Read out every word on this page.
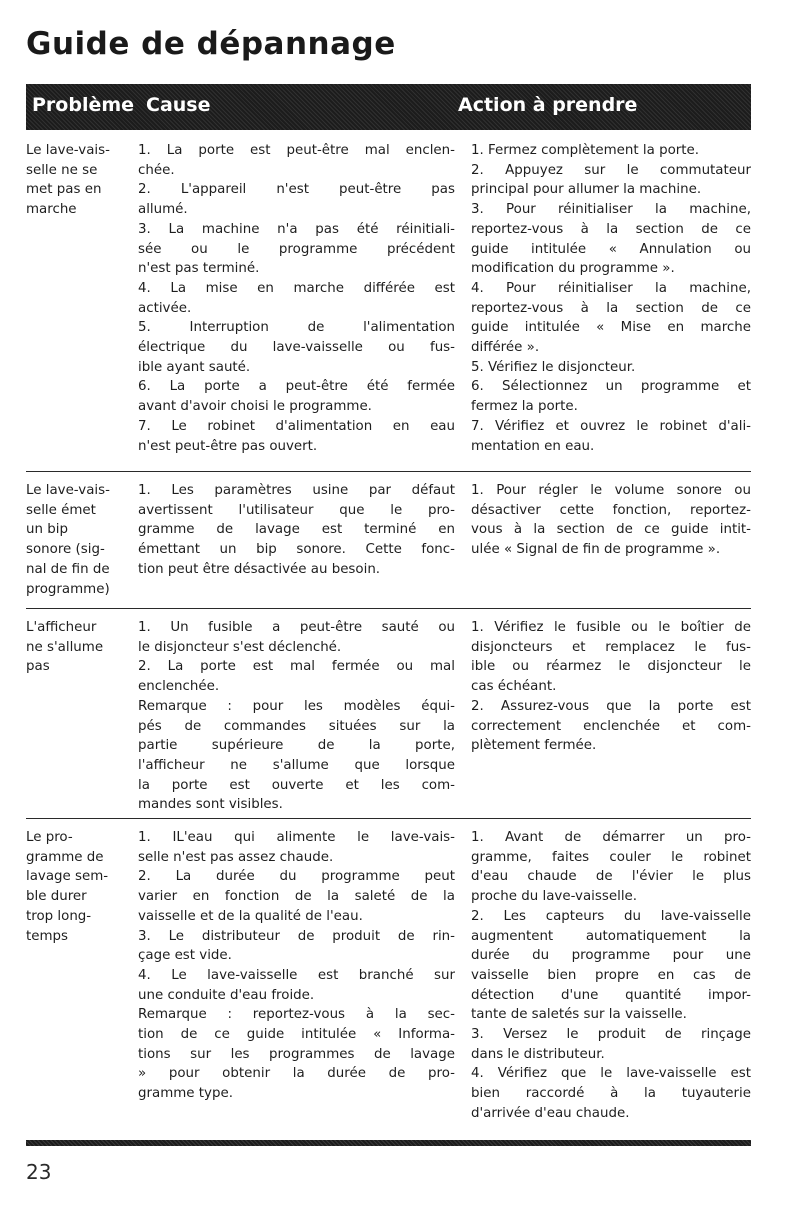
Guide de dépannage
Problème Cause	Action à prendre
Le lave-vais-
selle ne se
met pas en
marche
1. La porte est peut-être mal enclen-
chée.
2. L'appareil n'est peut-être pas
allumé.
3. La machine n'a pas été réinitiali-
sée ou le programme précédent
n'est pas terminé.
4. La mise en marche différée est
activée.
5. Interruption de l'alimentation
électrique du lave-vaisselle ou fus-
ible ayant sauté.
6. La porte a peut-être été fermée
avant d'avoir choisi le programme.
7. Le robinet d'alimentation en eau
n'est peut-être pas ouvert.
1. Fermez complètement la porte.
2. Appuyez sur le commutateur
principal pour allumer la machine.
3. Pour réinitialiser la machine,
reportez-vous à la section de ce
guide intitulée « Annulation ou
modification du programme ».
4. Pour réinitialiser la machine,
reportez-vous à la section de ce
guide intitulée « Mise en marche
différée ».
5. Vérifiez le disjoncteur.
6. Sélectionnez un programme et
fermez la porte.
7. Vérifiez et ouvrez le robinet d'ali-
mentation en eau.
Le lave-vais-
selle émet
un bip
sonore (sig-
nal de fin de
programme)
1. Les paramètres usine par défaut
avertissent l'utilisateur que le pro-
gramme de lavage est terminé en
émettant un bip sonore. Cette fonc-
tion peut être désactivée au besoin.
1. Pour régler le volume sonore ou
désactiver cette fonction, reportez-
vous à la section de ce guide intit-
ulée « Signal de fin de programme ».
L'afficheur
ne s'allume
pas
1. Un fusible a peut-être sauté ou
le disjoncteur s'est déclenché.
2. La porte est mal fermée ou mal
enclenchée.
Remarque : pour les modèles équi-
pés de commandes situées sur la
partie supérieure de la porte,
l'afficheur ne s'allume que lorsque
la porte est ouverte et les com-
mandes sont visibles.
1. Vérifiez le fusible ou le boîtier de
disjoncteurs et remplacez le fus-
ible ou réarmez le disjoncteur le
cas échéant.
2. Assurez-vous que la porte est
correctement enclenchée et com-
plètement fermée.
Le pro-
gramme de
lavage sem-
ble durer
trop long-
temps
1. IL'eau qui alimente le lave-vais-
selle n'est pas assez chaude.
2. La durée du programme peut
varier en fonction de la saleté de la
vaisselle et de la qualité de l'eau.
3. Le distributeur de produit de rin-
çage est vide.
4. Le lave-vaisselle est branché sur
une conduite d'eau froide.
Remarque : reportez-vous à la sec-
tion de ce guide intitulée « Informa-
tions sur les programmes de lavage
» pour obtenir la durée de pro-
gramme type.
1. Avant de démarrer un pro-
gramme, faites couler le robinet
d'eau chaude de l'évier le plus
proche du lave-vaisselle.
2. Les capteurs du lave-vaisselle
augmentent automatiquement la
durée du programme pour une
vaisselle bien propre en cas de
détection d'une quantité impor-
tante de saletés sur la vaisselle.
3. Versez le produit de rinçage
dans le distributeur.
4. Vérifiez que le lave-vaisselle est
bien raccordé à la tuyauterie
d'arrivée d'eau chaude.
23
